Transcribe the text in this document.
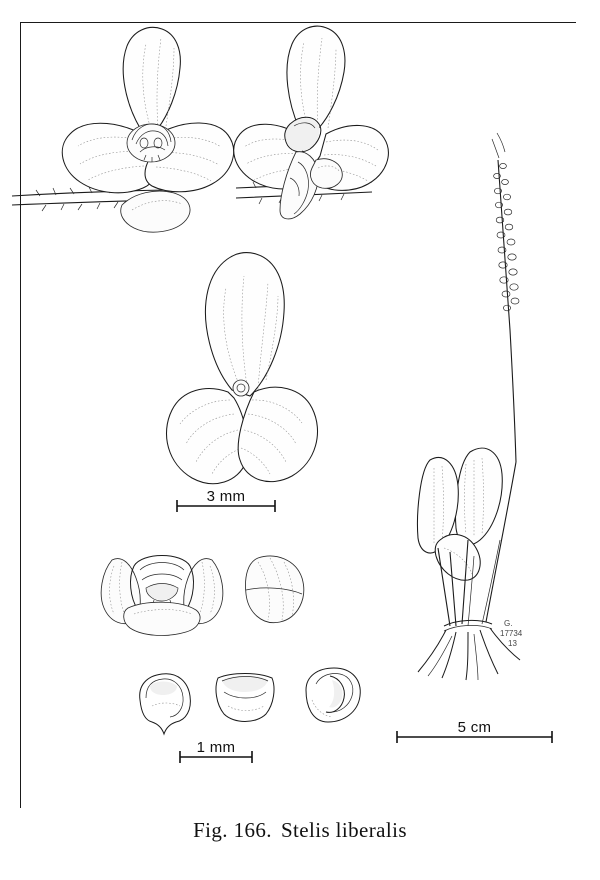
G.
17734
13
3 mm
1 mm
5 cm
Fig. 166. Stelis liberalis
